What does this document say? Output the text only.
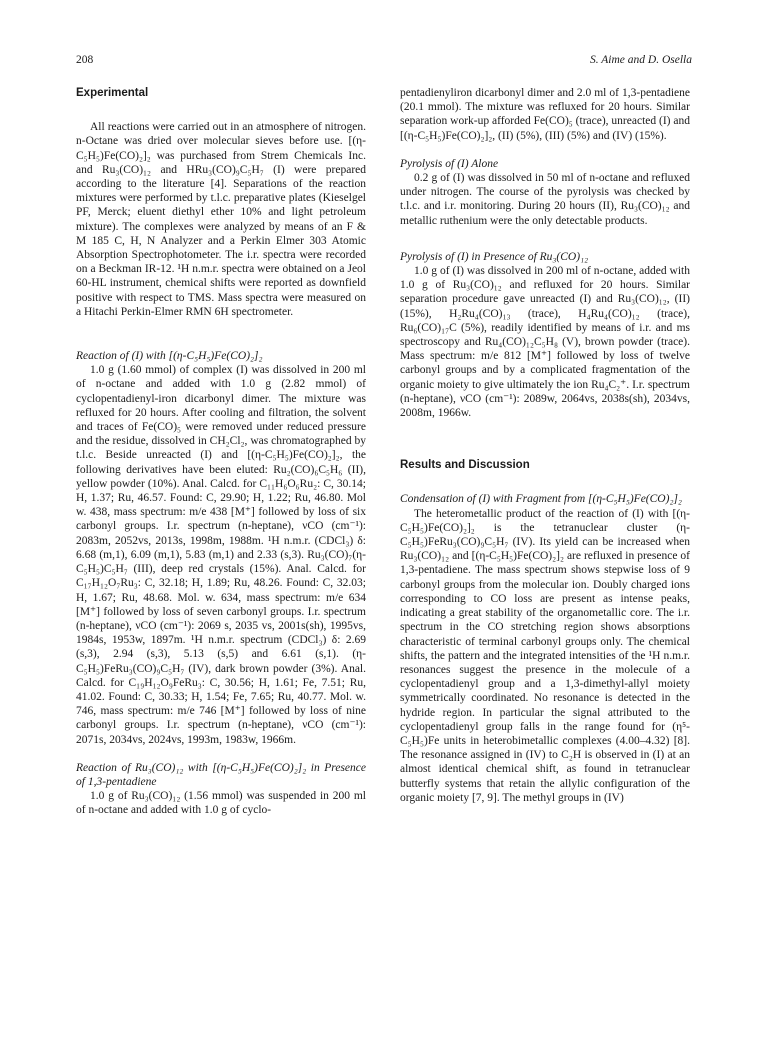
208	S. Aime and D. Osella
Experimental

All reactions were carried out in an atmosphere of nitrogen. n-Octane was dried over molecular sieves before use. [(η-C₅H₅)Fe(CO)₂]₂ was purchased from Strem Chemicals Inc. and Ru₃(CO)₁₂ and HRu₃(CO)₉C₅H₇ (I) were prepared according to the literature [4]. Separations of the reaction mixtures were performed by t.l.c. preparative plates (Kieselgel PF, Merck; eluent diethyl ether 10% and light petroleum mixture). The complexes were analyzed by means of an F & M 185 C, H, N Analyzer and a Perkin Elmer 303 Atomic Absorption Spectrophotometer. The i.r. spectra were recorded on a Beckman IR-12. ¹H n.m.r. spectra were obtained on a Jeol 60-HL instrument, chemical shifts were reported as downfield positive with respect to TMS. Mass spectra were measured on a Hitachi Perkin-Elmer RMN 6H spectrometer.

Reaction of (I) with [(η-C₅H₅)Fe(CO)₂]₂

1.0 g (1.60 mmol) of complex (I) was dissolved in 200 ml of n-octane and added with 1.0 g (2.82 mmol) of cyclopentadienyl-iron dicarbonyl dimer. The mixture was refluxed for 20 hours. After cooling and filtration, the solvent and traces of Fe(CO)₅ were removed under reduced pressure and the residue, dissolved in CH₂Cl₂, was chromatographed by t.l.c. Beside unreacted (I) and [(η-C₅H₅)Fe(CO)₂]₂, the following derivatives have been eluted: Ru₂(CO)₆C₅H₆ (II), yellow powder (10%). Anal. Calcd. for C₁₁H₆O₆Ru₂: C, 30.14; H, 1.37; Ru, 46.57. Found: C, 29.90; H, 1.22; Ru, 46.80. Mol w. 438, mass spectrum: m/e 438 [M⁺] followed by loss of six carbonyl groups. I.r. spectrum (n-heptane), νCO (cm⁻¹): 2083m, 2052vs, 2013s, 1998m, 1988m. ¹H n.m.r. (CDCl₃) δ: 6.68 (m,1), 6.09 (m,1), 5.83 (m,1) and 2.33 (s,3). Ru₃(CO)₇(η-C₅H₅)C₅H₇ (III), deep red crystals (15%). Anal. Calcd. for C₁₇H₁₂O₇Ru₃: C, 32.18; H, 1.89; Ru, 48.26. Found: C, 32.03; H, 1.67; Ru, 48.68. Mol. w. 634, mass spectrum: m/e 634 [M⁺] followed by loss of seven carbonyl groups. I.r. spectrum (n-heptane), νCO (cm⁻¹): 2069 s, 2035 vs, 2001s(sh), 1995vs, 1984s, 1953w, 1897m. ¹H n.m.r. spectrum (CDCl₃) δ: 2.69 (s,3), 2.94 (s,3), 5.13 (s,5) and 6.61 (s,1). (η-C₅H₅)FeRu₃(CO)₉C₅H₇ (IV), dark brown powder (3%). Anal. Calcd. for C₁₉H₁₂O₉FeRu₃: C, 30.56; H, 1.61; Fe, 7.51; Ru, 41.02. Found: C, 30.33; H, 1.54; Fe, 7.65; Ru, 40.77. Mol. w. 746, mass spectrum: m/e 746 [M⁺] followed by loss of nine carbonyl groups. I.r. spectrum (n-heptane), νCO (cm⁻¹): 2071s, 2034vs, 2024vs, 1993m, 1983w, 1966m.

Reaction of Ru₃(CO)₁₂ with [(η-C₅H₅)Fe(CO)₂]₂ in Presence of 1,3-pentadiene

1.0 g of Ru₃(CO)₁₂ (1.56 mmol) was suspended in 200 ml of n-octane and added with 1.0 g of cyclo-

pentadienyliron dicarbonyl dimer and 2.0 ml of 1,3-pentadiene (20.1 mmol). The mixture was refluxed for 20 hours. Similar separation work-up afforded Fe(CO)₅ (trace), unreacted (I) and [(η-C₅H₅)Fe(CO)₂]₂, (II) (5%), (III) (5%) and (IV) (15%).

Pyrolysis of (I) Alone

0.2 g of (I) was dissolved in 50 ml of n-octane and refluxed under nitrogen. The course of the pyrolysis was checked by t.l.c. and i.r. monitoring. During 20 hours (II), Ru₃(CO)₁₂ and metallic ruthenium were the only detectable products.

Pyrolysis of (I) in Presence of Ru₃(CO)₁₂

1.0 g of (I) was dissolved in 200 ml of n-octane, added with 1.0 g of Ru₃(CO)₁₂ and refluxed for 20 hours. Similar separation procedure gave unreacted (I) and Ru₃(CO)₁₂, (II) (15%), H₂Ru₄(CO)₁₃ (trace), H₄Ru₄(CO)₁₂ (trace), Ru₆(CO)₁₇C (5%), readily identified by means of i.r. and ms spectroscopy and Ru₄(CO)₁₂C₅H₈ (V), brown powder (trace). Mass spectrum: m/e 812 [M⁺] followed by loss of twelve carbonyl groups and by a complicated fragmentation of the organic moiety to give ultimately the ion Ru₄C₂⁺. I.r. spectrum (n-heptane), νCO (cm⁻¹): 2089w, 2064vs, 2038s(sh), 2034vs, 2008m, 1966w.

Results and Discussion
Condensation of (I) with Fragment from [(η-C₅H₅)Fe(CO)₂]₂

The heterometallic product of the reaction of (I) with [(η-C₅H₅)Fe(CO)₂]₂ is the tetranuclear cluster (η-C₅H₅)FeRu₃(CO)₉C₅H₇ (IV). Its yield can be increased when Ru₃(CO)₁₂ and [(η-C₅H₅)Fe(CO)₂]₂ are refluxed in presence of 1,3-pentadiene. The mass spectrum shows stepwise loss of 9 carbonyl groups from the molecular ion. Doubly charged ions corresponding to CO loss are present as intense peaks, indicating a great stability of the organometallic core. The i.r. spectrum in the CO stretching region shows absorptions characteristic of terminal carbonyl groups only. The chemical shifts, the pattern and the integrated intensities of the ¹H n.m.r. resonances suggest the presence in the molecule of a cyclopentadienyl group and a 1,3-dimethyl-allyl moiety symmetrically coordinated. No resonance is detected in the hydride region. In particular the signal attributed to the cyclopentadienyl group falls in the range found for (η⁵-C₅H₅)Fe units in heterobimetallic complexes (4.00–4.32) [8]. The resonance assigned in (IV) to C₂H is observed in (I) at an almost identical chemical shift, as found in tetranuclear butterfly systems that retain the allylic configuration of the organic moiety [7, 9]. The methyl groups in (IV)
